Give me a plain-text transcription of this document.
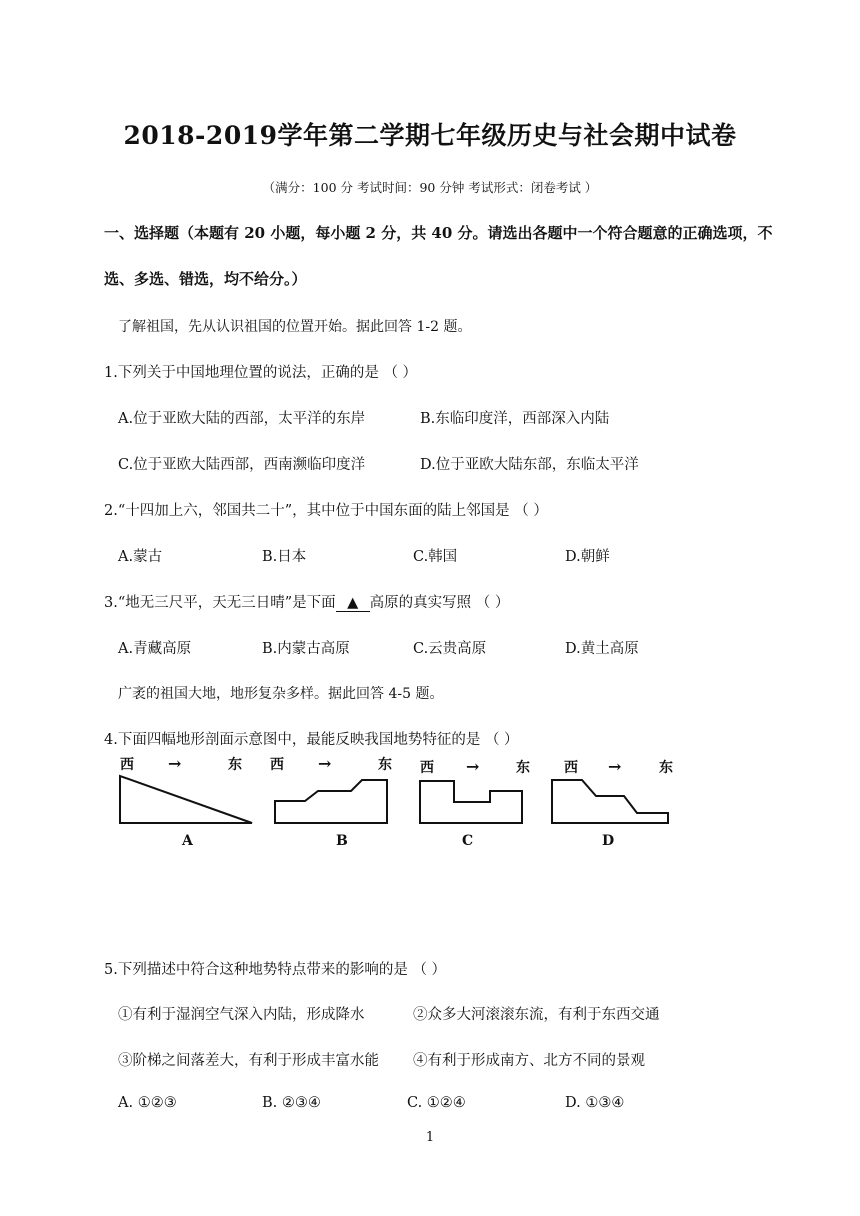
2018-2019学年第二学期七年级历史与社会期中试卷
（满分：100 分 考试时间：90 分钟 考试形式：闭卷考试 ）
一、选择题（本题有 20 小题，每小题 2 分，共 40 分。请选出各题中一个符合题意的正确选项，不
选、多选、错选，均不给分。）
了解祖国，先从认识祖国的位置开始。据此回答 1-2 题。
1.下列关于中国地理位置的说法，正确的是 （ ）
A.位于亚欧大陆的西部，太平洋的东岸	B.东临印度洋，西部深入内陆
C.位于亚欧大陆西部，西南濒临印度洋	D.位于亚欧大陆东部，东临太平洋
2.“十四加上六，邻国共二十”，其中位于中国东面的陆上邻国是 （ ）
A.蒙古	B.日本	C.韩国	D.朝鲜
3.“地无三尺平，天无三日晴”是下面 ▲ 高原的真实写照 （ ）
A.青藏高原	B.内蒙古高原	C.云贵高原	D.黄土高原
广袤的祖国大地，地形复杂多样。据此回答 4-5 题。
4.下面四幅地形剖面示意图中，最能反映我国地势特征的是 （ ）
西 →	东
A
西 →	东
B
西 →	东
C
西 →	东
D
5.下列描述中符合这种地势特点带来的影响的是 （ ）
①有利于湿润空气深入内陆，形成降水	②众多大河滚滚东流，有利于东西交通
③阶梯之间落差大，有利于形成丰富水能 ④有利于形成南方、北方不同的景观
A. ①②③	B. ②③④	C. ①②④	D. ①③④
1
